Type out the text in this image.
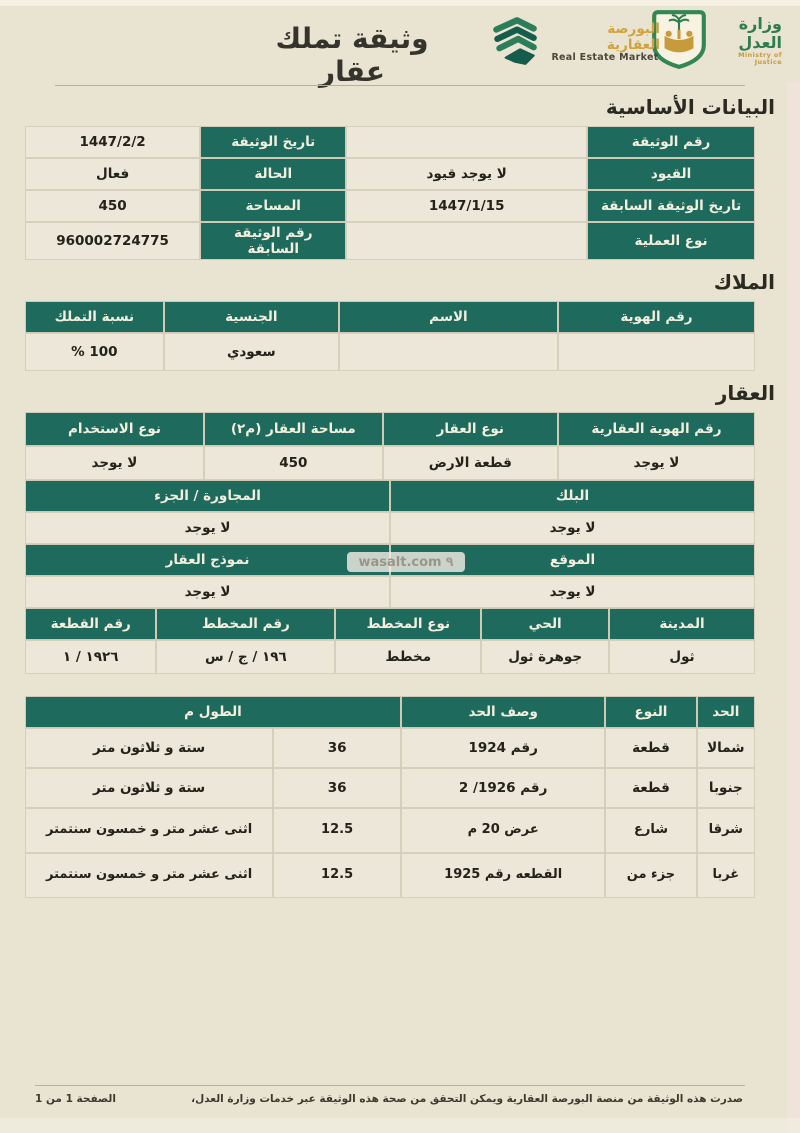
وزارة العدل
Ministry of Justice
البورصة العقارية
Real Estate Market
وثيقة تملك عقار
البيانات الأساسية
رقم الوثيقة		تاريخ الوثيقة	1447/2/2
القيود	لا يوجد قيود	الحالة	فعال
تاريخ الوثيقة السابقة	1447/1/15	المساحة	450
نوع العملية		رقم الوثيقة السابقة	960002724775
الملاك
رقم الهوية	الاسم	الجنسية	نسبة التملك
		سعودي	100 %
العقار
رقم الهوية العقارية	نوع العقار	مساحة العقار (م٢)	نوع الاستخدام
لا يوجد	قطعة الارض	450	لا يوجد
البلك	المجاورة / الجزء
لا يوجد	لا يوجد
الموقع	نموذج العقار
لا يوجد	لا يوجد
المدينة	الحي	نوع المخطط	رقم المخطط	رقم القطعة
ثول	جوهرة ثول	مخطط	١٩٦ / ج / س	١٩٢٦ / ١
الحد	النوع	وصف الحد	الطول م	
شمالا	قطعة	رقم 1924	36	ستة و ثلاثون متر
جنوبا	قطعة	رقم 1926/ 2	36	ستة و ثلاثون متر
شرقا	شارع	عرض 20 م	12.5	اثنى عشر متر و خمسون سنتمتر
غربا	جزء من	القطعه رقم 1925	12.5	اثنى عشر متر و خمسون سنتمتر
wasalt.com ٩
صدرت هذه الوثيقة من منصة البورصة العقارية ويمكن التحقق من صحة هذه الوثيقة عبر خدمات وزارة العدل،
الصفحة 1 من 1
